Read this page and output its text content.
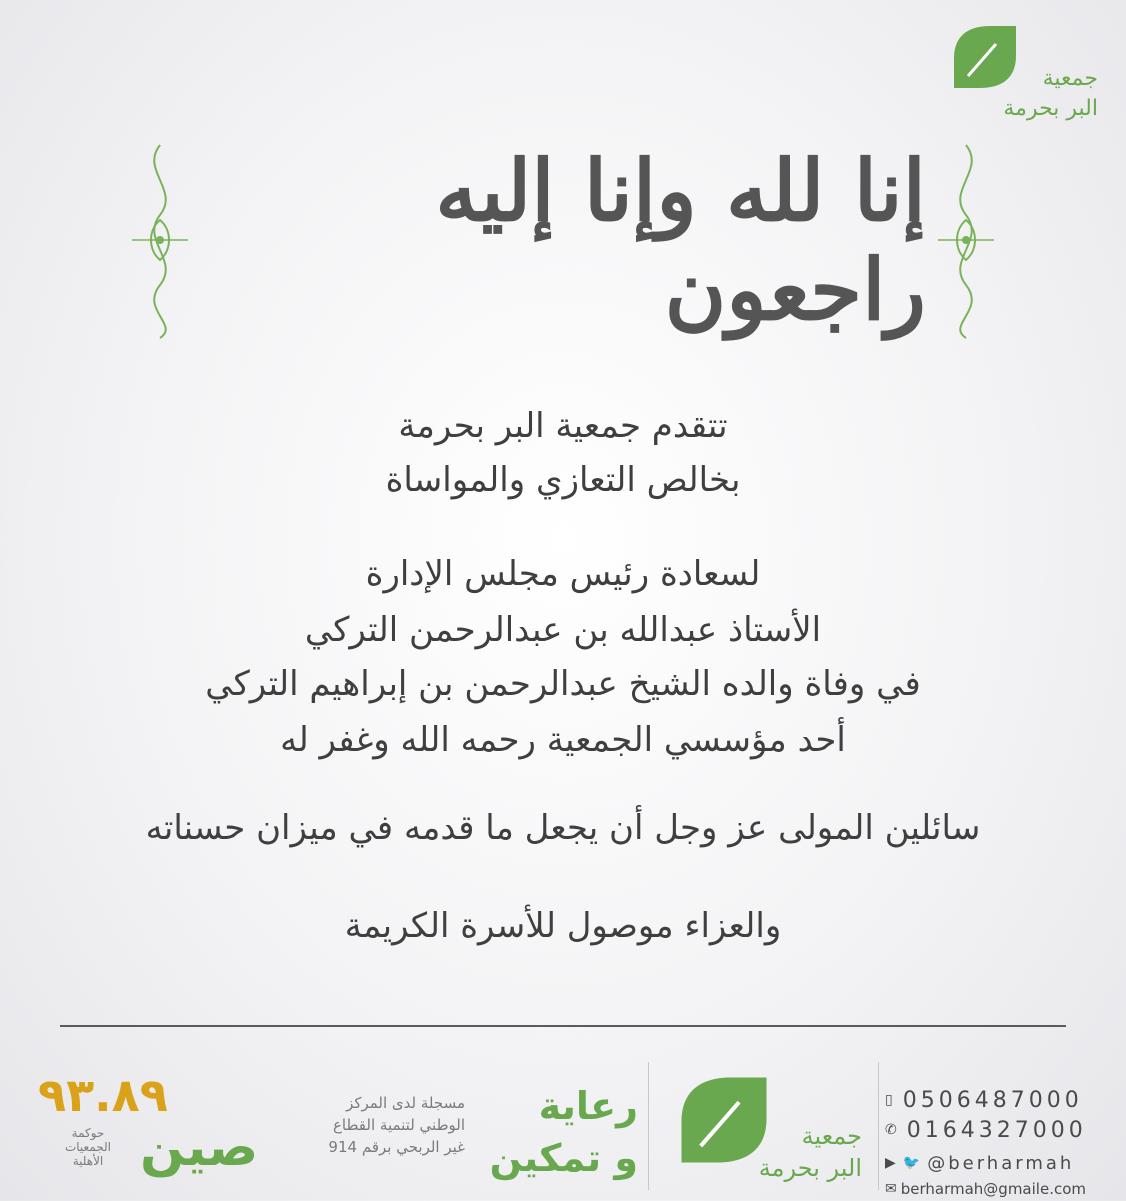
جمعية
البر بحرمة
إنا لله وإنا إليه راجعون
تتقدم جمعية البر بحرمة
بخالص التعازي والمواساة
لسعادة رئيس مجلس الإدارة
الأستاذ عبدالله بن عبدالرحمن التركي
في وفاة والده الشيخ عبدالرحمن بن إبراهيم التركي
أحد مؤسسي الجمعية رحمه الله وغفر له
سائلين المولى عز وجل أن يجعل ما قدمه في ميزان حسناته
والعزاء موصول للأسرة الكريمة
▯ 0506487000
✆ 0164327000
▶ 🐦 @berharmah
✉ berharmah@gmaile.com
جمعية
البر بحرمة
رعاية
و تمكين
مسجلة لدى المركز
الوطني لتنمية القطاع
غير الربحي برقم 914
٩٣.٨٩
صين
حوكمة
الجمعيات
الأهلية
